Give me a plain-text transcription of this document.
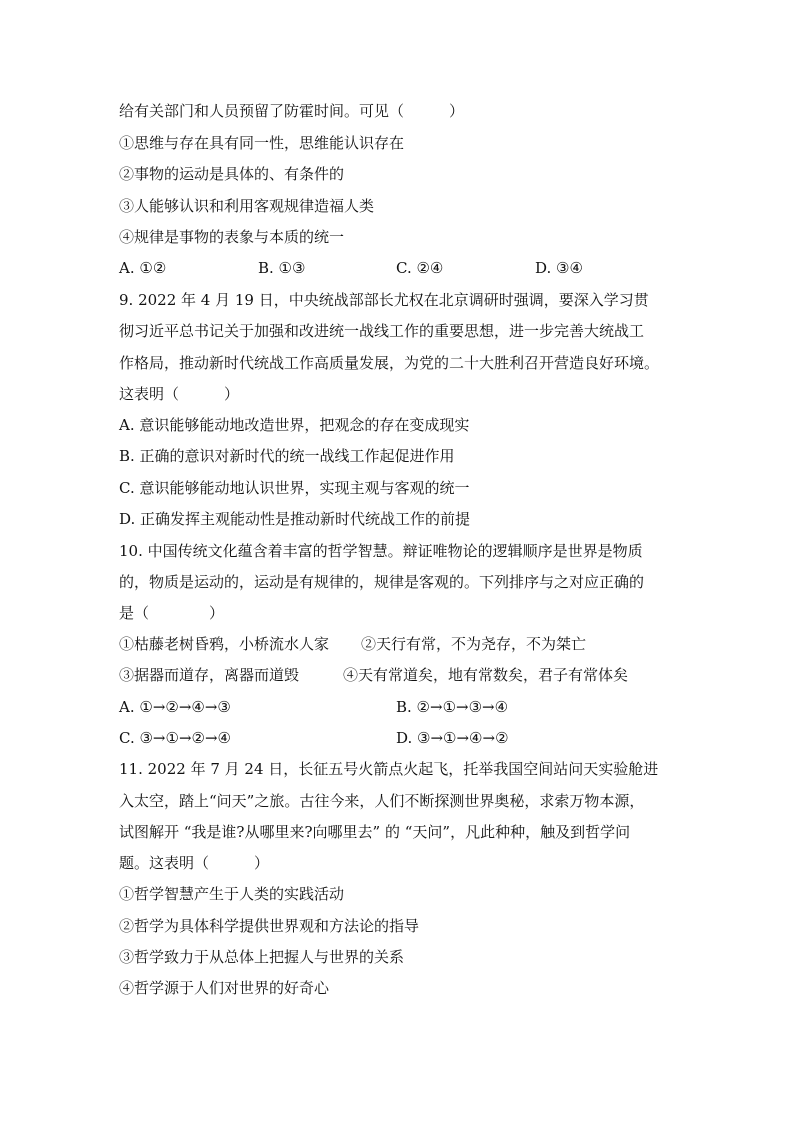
给有关部门和人员预留了防霍时间。可见（　　　）
①思维与存在具有同一性，思维能认识存在
②事物的运动是具体的、有条件的
③人能够认识和利用客观规律造福人类
④规律是事物的表象与本质的统一
A. ①②	B. ①③	C. ②④	D. ③④
9. 2022 年 4 月 19 日，中央统战部部长尤权在北京调研时强调，要深入学习贯
彻习近平总书记关于加强和改进统一战线工作的重要思想，进一步完善大统战工
作格局，推动新时代统战工作高质量发展，为党的二十大胜利召开营造良好环境。
这表明（　　　）
A. 意识能够能动地改造世界，把观念的存在变成现实
B. 正确的意识对新时代的统一战线工作起促进作用
C. 意识能够能动地认识世界，实现主观与客观的统一
D. 正确发挥主观能动性是推动新时代统战工作的前提
10. 中国传统文化蕴含着丰富的哲学智慧。辩证唯物论的逻辑顺序是世界是物质
的，物质是运动的，运动是有规律的，规律是客观的。下列排序与之对应正确的
是（　　　　）
①枯藤老树昏鸦，小桥流水人家 ②天行有常，不为尧存，不为桀亡
③据器而道存，离器而道毁	④天有常道矣，地有常数矣，君子有常体矣
A. ①→②→④→③	B. ②→①→③→④
C. ③→①→②→④	D. ③→①→④→②
11. 2022 年 7 月 24 日，长征五号火箭点火起飞，托举我国空间站问天实验舱进
入太空，踏上“问天”之旅。古往今来，人们不断探测世界奥秘，求索万物本源，
试图解开 “我是谁?从哪里来?向哪里去” 的 “天问”，凡此种种，触及到哲学问
题。这表明（　　　）
①哲学智慧产生于人类的实践活动
②哲学为具体科学提供世界观和方法论的指导
③哲学致力于从总体上把握人与世界的关系
④哲学源于人们对世界的好奇心
